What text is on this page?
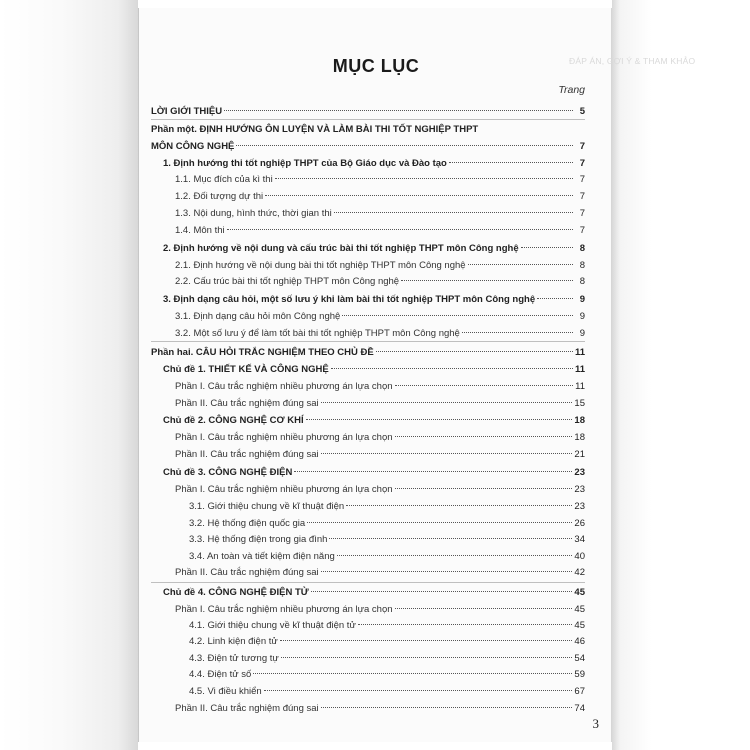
ĐÁP ÁN, GỢI Ý & THAM KHẢO
MỤC LỤC
Trang
LỜI GIỚI THIỆU	5
Phần một. ĐỊNH HƯỚNG ÔN LUYỆN VÀ LÀM BÀI THI TỐT NGHIỆP THPT
MÔN CÔNG NGHỆ	7
1. Định hướng thi tốt nghiệp THPT của Bộ Giáo dục và Đào tạo	7
1.1. Mục đích của kì thi	7
1.2. Đối tượng dự thi	7
1.3. Nội dung, hình thức, thời gian thi	7
1.4. Môn thi	7
2. Định hướng về nội dung và cấu trúc bài thi tốt nghiệp THPT môn Công nghệ	8
2.1. Định hướng về nội dung bài thi tốt nghiệp THPT môn Công nghệ	8
2.2. Cấu trúc bài thi tốt nghiệp THPT môn Công nghệ	8
3. Định dạng câu hỏi, một số lưu ý khi làm bài thi tốt nghiệp THPT môn Công nghệ	9
3.1. Định dạng câu hỏi môn Công nghệ	9
3.2. Một số lưu ý để làm tốt bài thi tốt nghiệp THPT môn Công nghệ	9
Phần hai. CÂU HỎI TRẮC NGHIỆM THEO CHỦ ĐỀ	11
Chủ đề 1. THIẾT KẾ VÀ CÔNG NGHỆ	11
Phần I. Câu trắc nghiệm nhiều phương án lựa chọn	11
Phần II. Câu trắc nghiệm đúng sai	15
Chủ đề 2. CÔNG NGHỆ CƠ KHÍ	18
Phần I. Câu trắc nghiệm nhiều phương án lựa chọn	18
Phần II. Câu trắc nghiệm đúng sai	21
Chủ đề 3. CÔNG NGHỆ ĐIỆN	23
Phần I. Câu trắc nghiệm nhiều phương án lựa chọn	23
3.1. Giới thiệu chung về kĩ thuật điện	23
3.2. Hệ thống điện quốc gia	26
3.3. Hệ thống điện trong gia đình	34
3.4. An toàn và tiết kiệm điện năng	40
Phần II. Câu trắc nghiệm đúng sai	42
Chủ đề 4. CÔNG NGHỆ ĐIỆN TỬ	45
Phần I. Câu trắc nghiệm nhiều phương án lựa chọn	45
4.1. Giới thiệu chung về kĩ thuật điện tử	45
4.2. Linh kiện điện tử	46
4.3. Điện tử tương tự	54
4.4. Điện tử số	59
4.5. Vi điều khiển	67
Phần II. Câu trắc nghiệm đúng sai	74
3
